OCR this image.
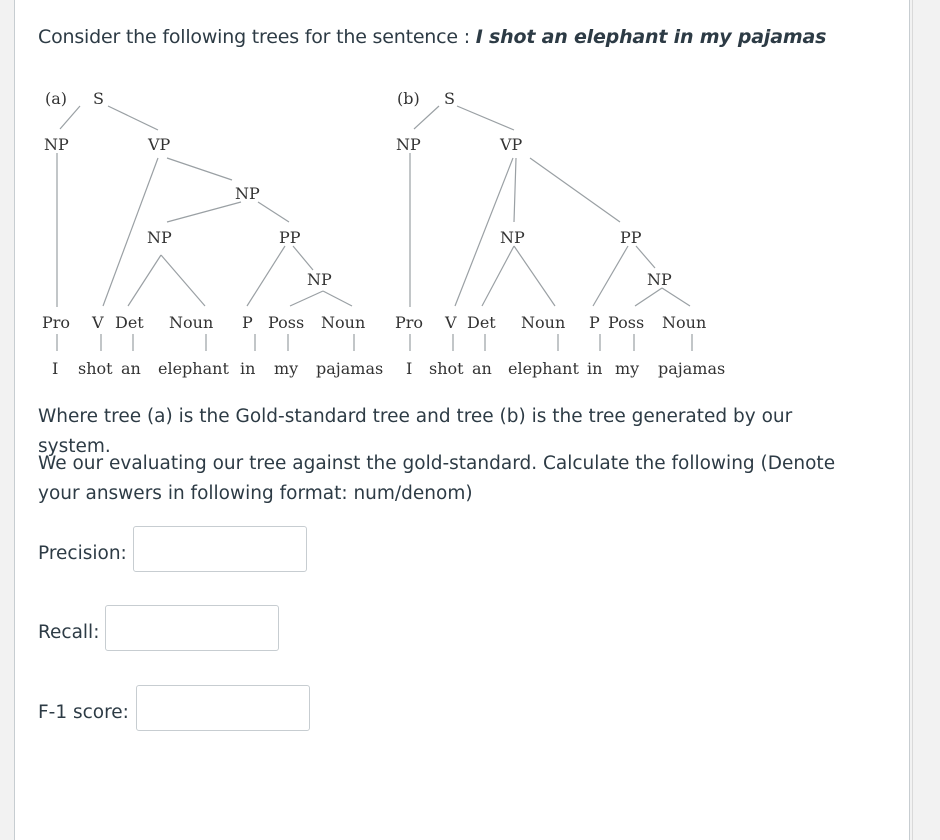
Consider the following trees for the sentence : I shot an elephant in my pajamas
(a) S
NP	VP
NP
NP	PP
NP
Pro V Det Noun P Poss Noun
I shot an elephant in my pajamas
(b) S
NP	VP
NP	PP
NP
Pro V Det Noun P Poss Noun
I shot an elephant in my pajamas
Where tree (a) is the Gold-standard tree and tree (b) is the tree generated by our system.
We our evaluating our tree against the gold-standard. Calculate the following (Denote your answers in following format: num/denom)
Precision:
Recall:
F-1 score:
